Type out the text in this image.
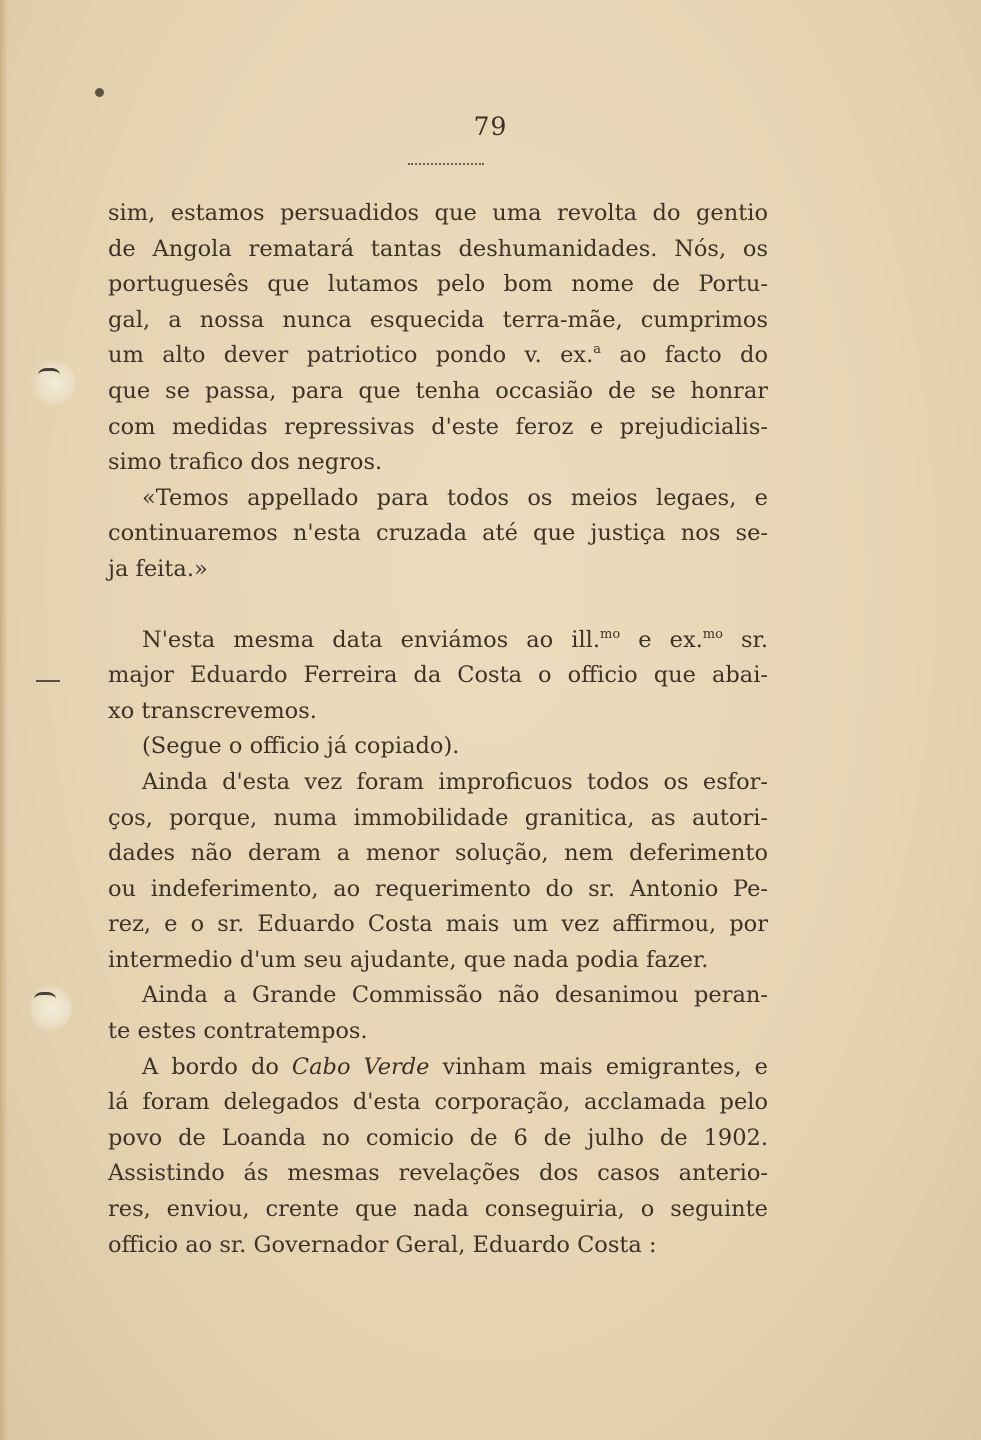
79
sim, estamos persuadidos que uma revolta do gentio
de Angola rematará tantas deshumanidades. Nós, os
portuguesês que lutamos pelo bom nome de Portu-
gal, a nossa nunca esquecida terra-mãe, cumprimos
um alto dever patriotico pondo v. ex.$^a$ ao facto do
que se passa, para que tenha occasião de se honrar
com medidas repressivas d'este feroz e prejudicialis-
simo trafico dos negros.
«Temos appellado para todos os meios legaes, e
continuaremos n'esta cruzada até que justiça nos se-
ja feita.»
N'esta mesma data enviámos ao ill.$^{mo}$ e ex.$^{mo}$ sr.
major Eduardo Ferreira da Costa o officio que abai-
xo transcrevemos.
(Segue o officio já copiado).
Ainda d'esta vez foram improficuos todos os esfor-
ços, porque, numa immobilidade granitica, as autori-
dades não deram a menor solução, nem deferimento
ou indeferimento, ao requerimento do sr. Antonio Pe-
rez, e o sr. Eduardo Costa mais um vez affirmou, por
intermedio d'um seu ajudante, que nada podia fazer.
Ainda a Grande Commissão não desanimou peran-
te estes contratempos.
A bordo do Cabo Verde vinham mais emigrantes, e
lá foram delegados d'esta corporação, acclamada pelo
povo de Loanda no comicio de 6 de julho de 1902.
Assistindo ás mesmas revelações dos casos anterio-
res, enviou, crente que nada conseguiria, o seguinte
officio ao sr. Governador Geral, Eduardo Costa :
